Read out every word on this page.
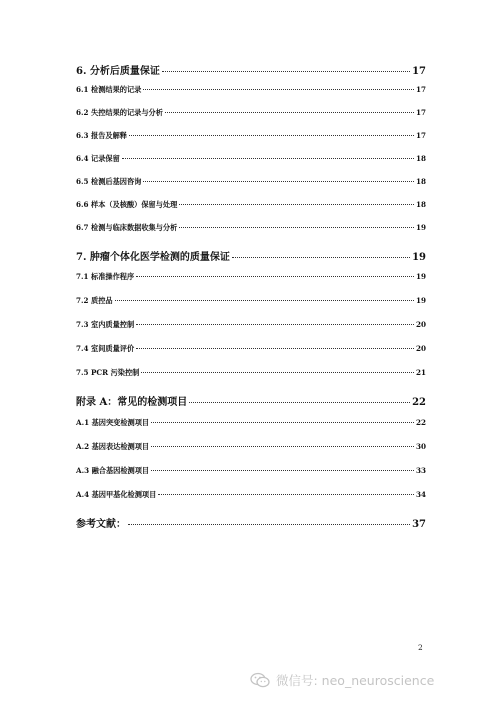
6. 分析后质量保证	17
6.1 检测结果的记录	17
6.2 失控结果的记录与分析	17
6.3 报告及解释	17
6.4 记录保留	18
6.5 检测后基因咨询	18
6.6 样本（及核酸）保留与处理	18
6.7 检测与临床数据收集与分析	19
7. 肿瘤个体化医学检测的质量保证	19
7.1 标准操作程序	19
7.2 质控品	19
7.3 室内质量控制	20
7.4 室间质量评价	20
7.5 PCR 污染控制	21
附录 A：常见的检测项目	22
A.1 基因突变检测项目	22
A.2 基因表达检测项目	30
A.3 融合基因检测项目	33
A.4 基因甲基化检测项目	34
参考文献：	37
2
微信号: neo_neuroscience
